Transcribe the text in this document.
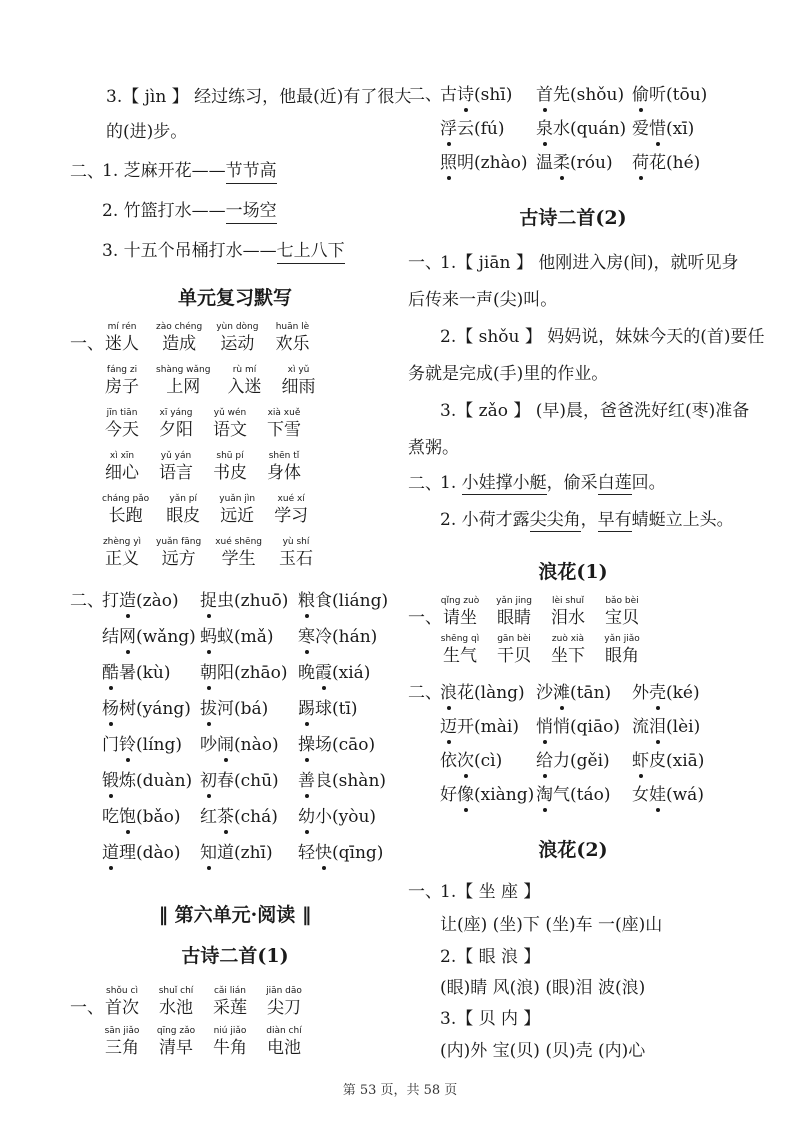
3.【 jìn 】 经过练习，他最(近)有了很大
的(进)步。
二、1. 芝麻开花——节节高
2. 竹篮打水——一场空
3. 十五个吊桶打水——七上八下
单元复习默写
一、
mí rén
迷人
zào chéng
造成
yùn dòng
运动
huān lè
欢乐
fáng zi
房子
shàng wǎng
上网
rù mí
入迷
xì yǔ
细雨
jīn tiān
今天
xī yáng
夕阳
yǔ wén
语文
xià xuě
下雪
xì xīn
细心
yǔ yán
语言
shū pí
书皮
shēn tǐ
身体
cháng pǎo
长跑
yǎn pí
眼皮
yuǎn jìn
远近
xué xí
学习
zhèng yì
正义
yuǎn fāng
远方
xué shēng
学生
yù shí
玉石
二、打造(zào) 捉虫(zhuō) 粮食(liáng)
结网(wǎng) 蚂蚁(mǎ) 寒冷(hán)
酷暑(kù) 朝阳(zhāo) 晚霞(xiá)
杨树(yáng) 拔河(bá) 踢球(tī)
门铃(líng) 吵闹(nào) 操场(cāo)
锻炼(duàn) 初春(chū) 善良(shàn)
吃饱(bǎo) 红茶(chá) 幼小(yòu)
道理(dào) 知道(zhī) 轻快(qīng)
‖ 第六单元·阅读 ‖
古诗二首(1)
一、
shǒu cì
首次
shuǐ chí
水池
cǎi lián
采莲
jiān dāo
尖刀
sān jiǎo
三角
qīng zǎo
清早
niú jiǎo
牛角
diàn chí
电池
二、古诗(shī) 首先(shǒu) 偷听(tōu)
浮云(fú) 泉水(quán) 爱惜(xī)
照明(zhào) 温柔(róu) 荷花(hé)
古诗二首(2)
一、1.【 jiān 】 他刚进入房(间)，就听见身
后传来一声(尖)叫。
2.【 shǒu 】 妈妈说，妹妹今天的(首)要任
务就是完成(手)里的作业。
3.【 zǎo 】 (早)晨，爸爸洗好红(枣)准备
煮粥。
二、1. 小娃撑小艇，偷采白莲回。
2. 小荷才露尖尖角，早有蜻蜓立上头。
浪花(1)
一、
qǐng zuò
请坐
yǎn jing
眼睛
lèi shuǐ
泪水
bǎo bèi
宝贝
shēng qì
生气
gān bèi
干贝
zuò xià
坐下
yǎn jiǎo
眼角
二、浪花(làng) 沙滩(tān) 外壳(ké)
迈开(mài) 悄悄(qiāo) 流泪(lèi)
依次(cì) 给力(gěi) 虾皮(xiā)
好像(xiàng) 淘气(táo) 女娃(wá)
浪花(2)
一、1.【 坐 座 】
让(座) (坐)下 (坐)车 一(座)山
2.【 眼 浪 】
(眼)睛 风(浪) (眼)泪 波(浪)
3.【 贝 内 】
(内)外 宝(贝) (贝)壳 (内)心
第 53 页，共 58 页
